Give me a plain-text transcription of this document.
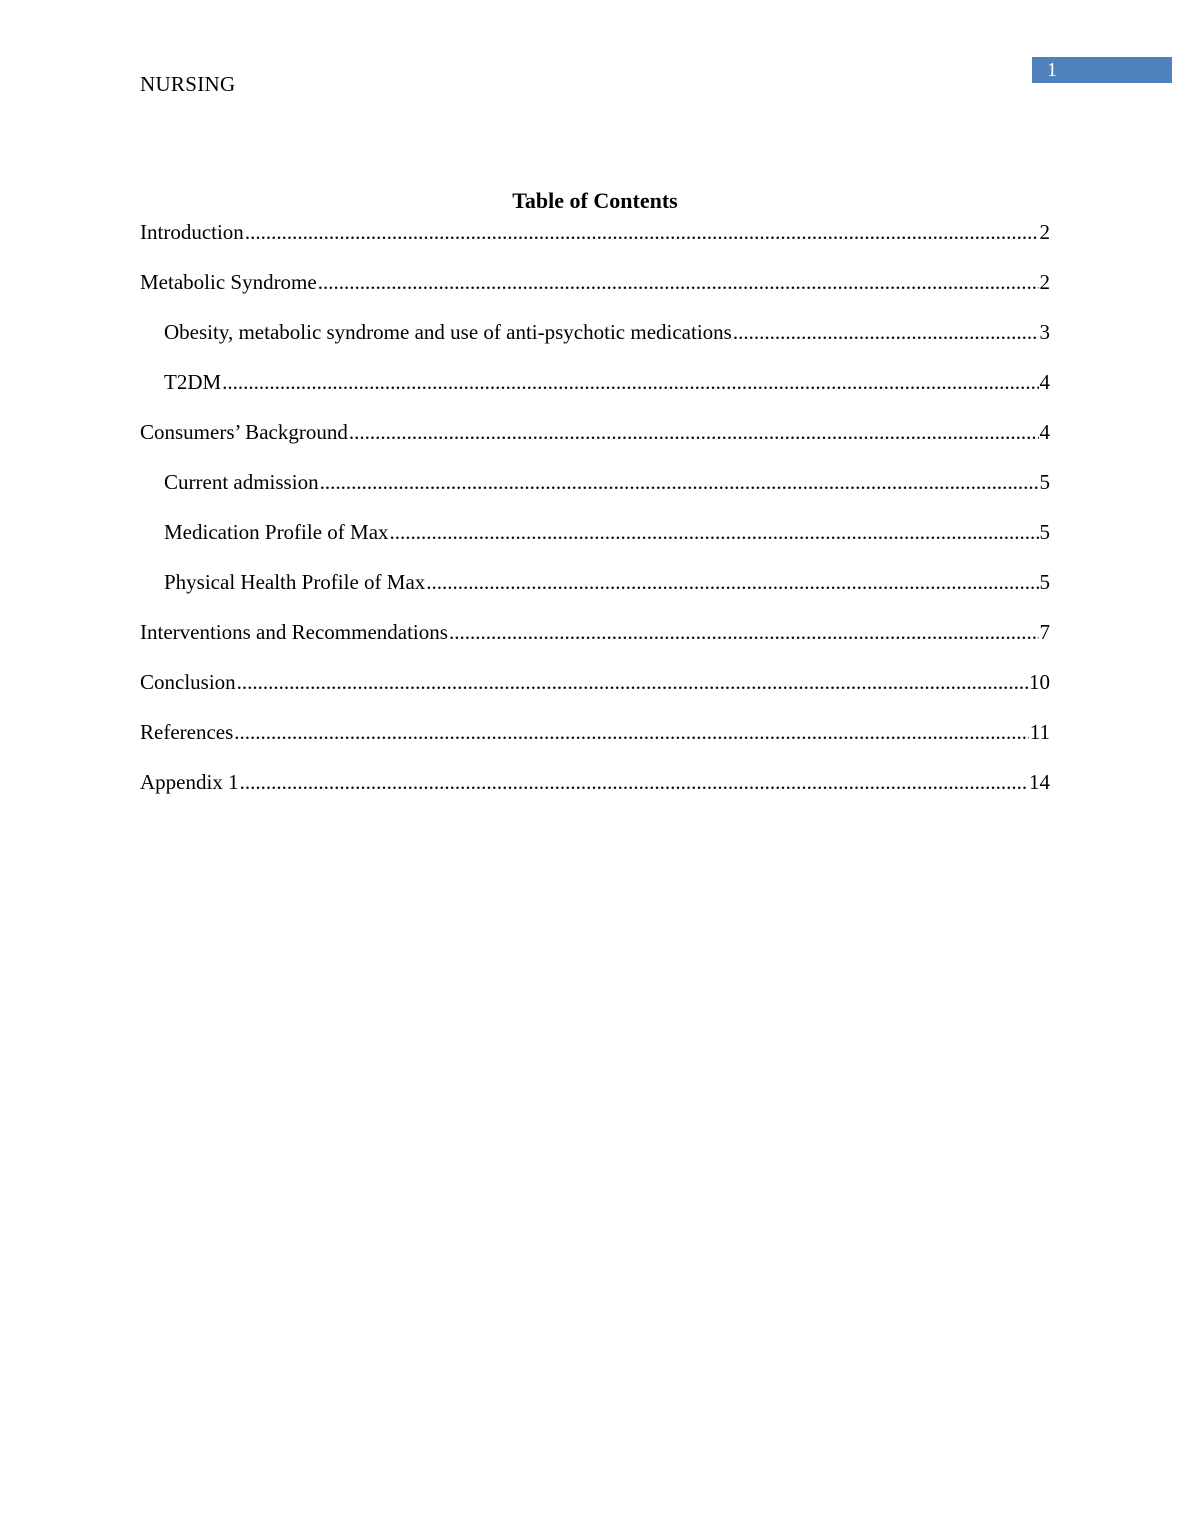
NURSING
1
Table of Contents
Introduction .....	2
Metabolic Syndrome .....	2
Obesity, metabolic syndrome and use of anti-psychotic medications .....	3
T2DM .....	4
Consumers’ Background .....	4
Current admission .....	5
Medication Profile of Max .....	5
Physical Health Profile of Max .....	5
Interventions and Recommendations .....	7
Conclusion .....	10
References .....	11
Appendix 1 .....	14
